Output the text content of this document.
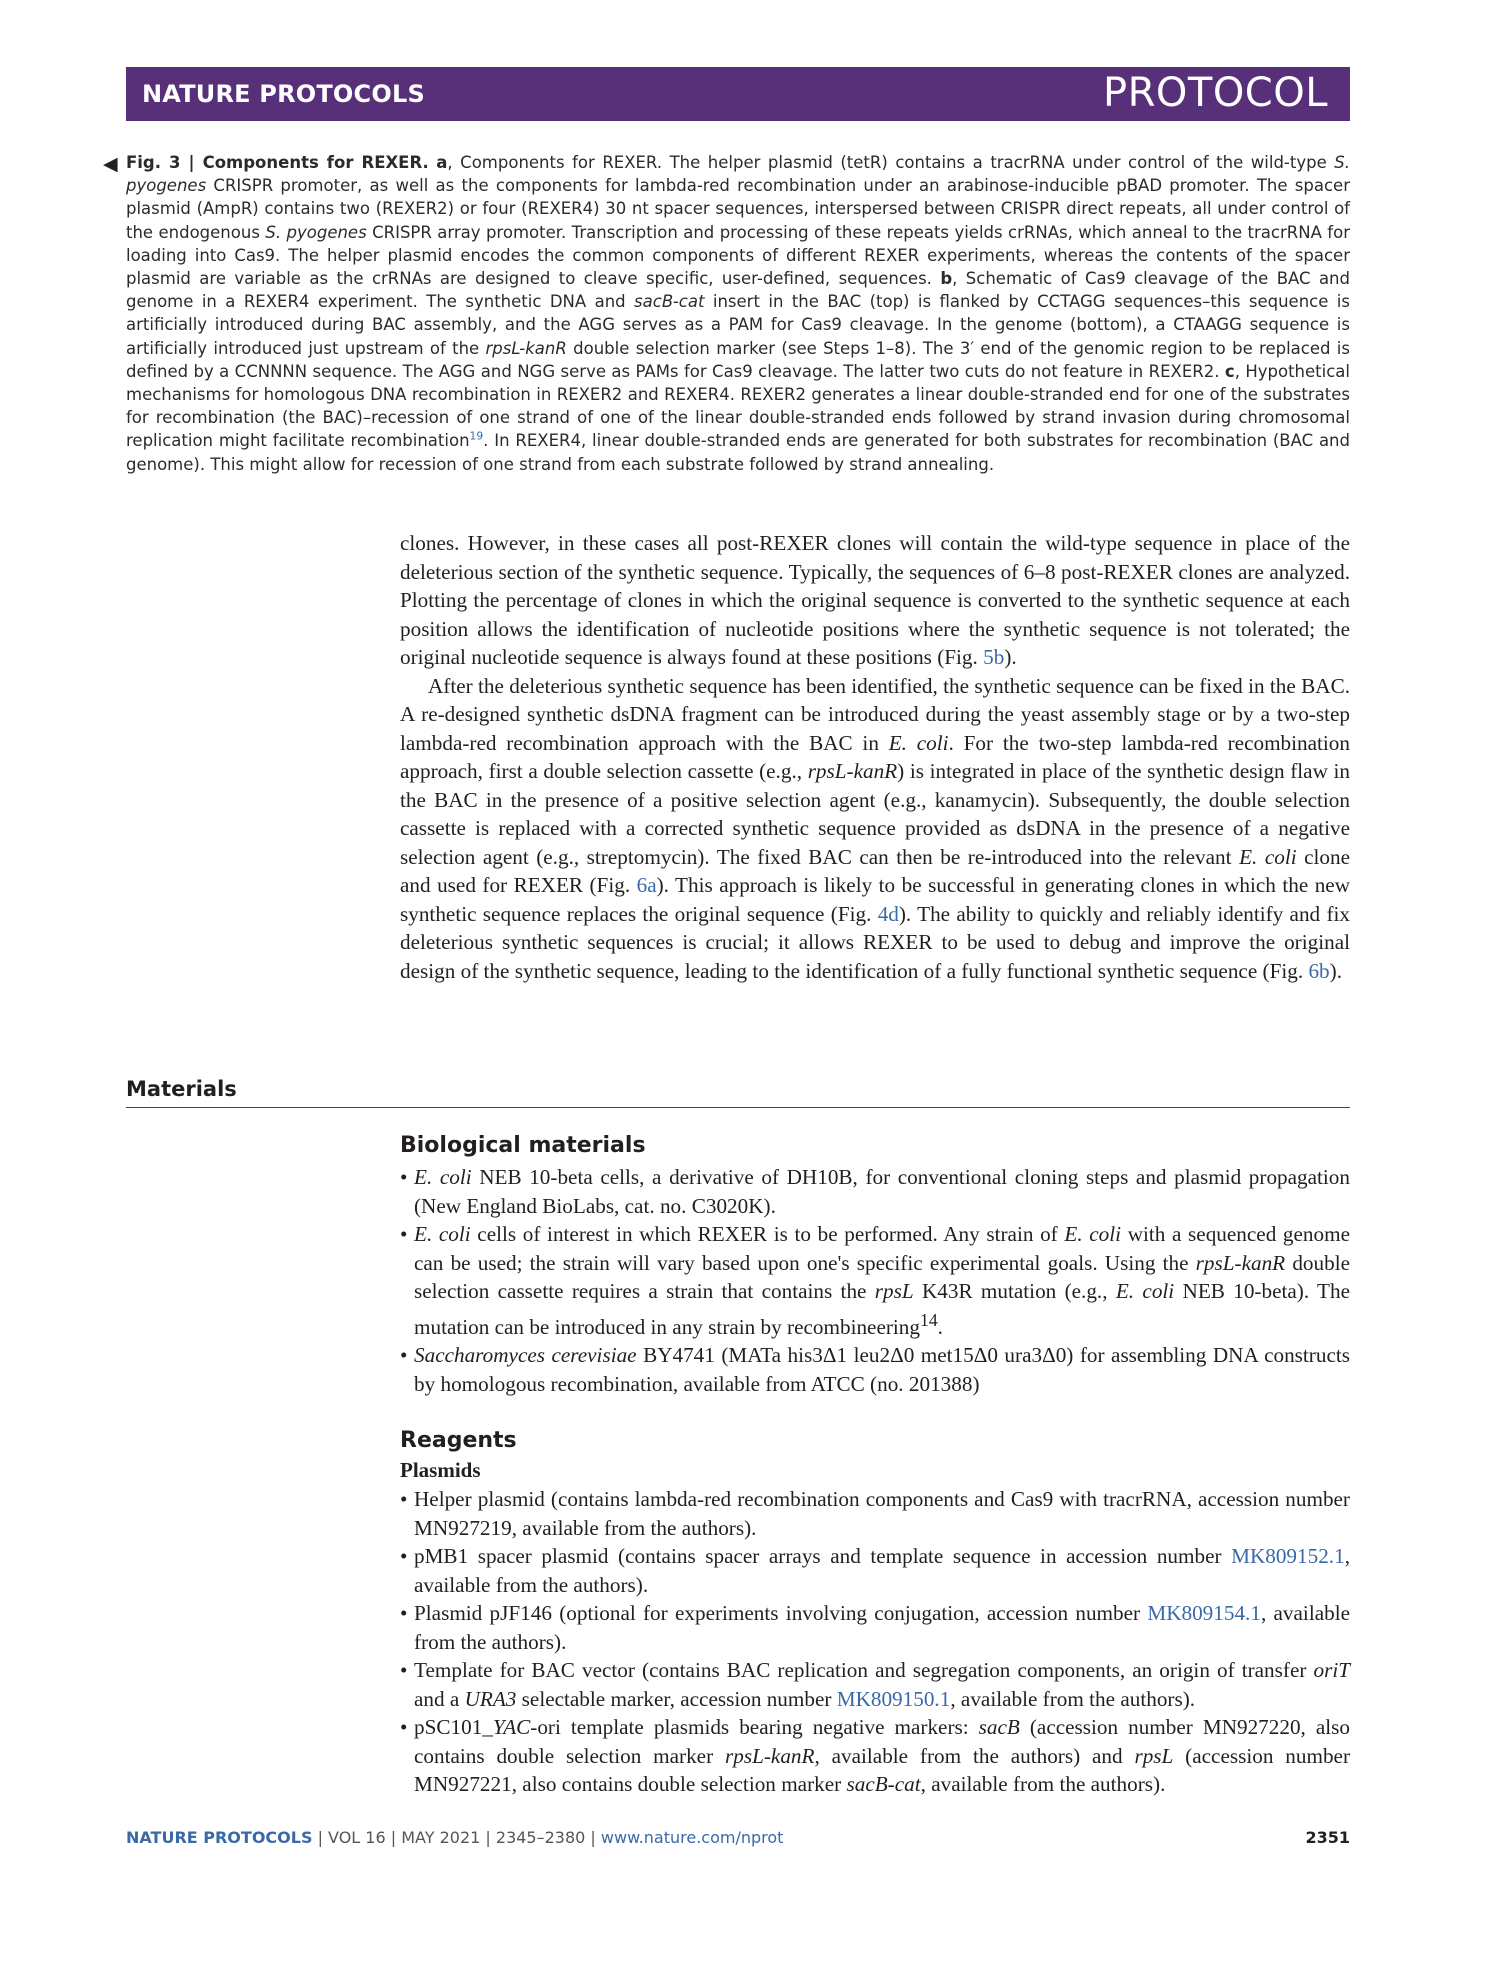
NATURE PROTOCOLS	PROTOCOL
◀ Fig. 3 | Components for REXER. a, Components for REXER. The helper plasmid (tetR) contains a tracrRNA under control of the wild-type S. pyogenes CRISPR promoter, as well as the components for lambda-red recombination under an arabinose-inducible pBAD promoter. The spacer plasmid (AmpR) contains two (REXER2) or four (REXER4) 30 nt spacer sequences, interspersed between CRISPR direct repeats, all under control of the endogenous S. pyogenes CRISPR array promoter. Transcription and processing of these repeats yields crRNAs, which anneal to the tracrRNA for loading into Cas9. The helper plasmid encodes the common components of different REXER experiments, whereas the contents of the spacer plasmid are variable as the crRNAs are designed to cleave specific, user-defined, sequences. b, Schematic of Cas9 cleavage of the BAC and genome in a REXER4 experiment. The synthetic DNA and sacB-cat insert in the BAC (top) is flanked by CCTAGG sequences–this sequence is artificially introduced during BAC assembly, and the AGG serves as a PAM for Cas9 cleavage. In the genome (bottom), a CTAAGG sequence is artificially introduced just upstream of the rpsL-kanR double selection marker (see Steps 1–8). The 3′ end of the genomic region to be replaced is defined by a CCNNNN sequence. The AGG and NGG serve as PAMs for Cas9 cleavage. The latter two cuts do not feature in REXER2. c, Hypothetical mechanisms for homologous DNA recombination in REXER2 and REXER4. REXER2 generates a linear double-stranded end for one of the substrates for recombination (the BAC)–recession of one strand of one of the linear double-stranded ends followed by strand invasion during chromosomal replication might facilitate recombination$^{19}$. In REXER4, linear double-stranded ends are generated for both substrates for recombination (BAC and genome). This might allow for recession of one strand from each substrate followed by strand annealing.

clones. However, in these cases all post-REXER clones will contain the wild-type sequence in place of the deleterious section of the synthetic sequence. Typically, the sequences of 6–8 post-REXER clones are analyzed. Plotting the percentage of clones in which the original sequence is converted to the synthetic sequence at each position allows the identification of nucleotide positions where the synthetic sequence is not tolerated; the original nucleotide sequence is always found at these positions (Fig. 5b).

After the deleterious synthetic sequence has been identified, the synthetic sequence can be fixed in the BAC. A re-designed synthetic dsDNA fragment can be introduced during the yeast assembly stage or by a two-step lambda-red recombination approach with the BAC in E. coli. For the two-step lambda-red recombination approach, first a double selection cassette (e.g., rpsL-kanR) is integrated in place of the synthetic design flaw in the BAC in the presence of a positive selection agent (e.g., kanamycin). Subsequently, the double selection cassette is replaced with a corrected synthetic sequence provided as dsDNA in the presence of a negative selection agent (e.g., streptomycin). The fixed BAC can then be re-introduced into the relevant E. coli clone and used for REXER (Fig. 6a). This approach is likely to be successful in generating clones in which the new synthetic sequence replaces the original sequence (Fig. 4d). The ability to quickly and reliably identify and fix deleterious synthetic sequences is crucial; it allows REXER to be used to debug and improve the original design of the synthetic sequence, leading to the identification of a fully functional synthetic sequence (Fig. 6b).

Materials
Biological materials
• E. coli NEB 10-beta cells, a derivative of DH10B, for conventional cloning steps and plasmid propagation (New England BioLabs, cat. no. C3020K).
• E. coli cells of interest in which REXER is to be performed. Any strain of E. coli with a sequenced genome can be used; the strain will vary based upon one's specific experimental goals. Using the rpsL-kanR double selection cassette requires a strain that contains the rpsL K43R mutation (e.g., E. coli NEB 10-beta). The mutation can be introduced in any strain by recombineering$^{14}$.
• Saccharomyces cerevisiae BY4741 (MATa his3Δ1 leu2Δ0 met15Δ0 ura3Δ0) for assembling DNA constructs by homologous recombination, available from ATCC (no. 201388)
Reagents
Plasmids
• Helper plasmid (contains lambda-red recombination components and Cas9 with tracrRNA, accession number MN927219, available from the authors).
• pMB1 spacer plasmid (contains spacer arrays and template sequence in accession number MK809152.1, available from the authors).
• Plasmid pJF146 (optional for experiments involving conjugation, accession number MK809154.1, available from the authors).
• Template for BAC vector (contains BAC replication and segregation components, an origin of transfer oriT and a URA3 selectable marker, accession number MK809150.1, available from the authors).
• pSC101_YAC-ori template plasmids bearing negative markers: sacB (accession number MN927220, also contains double selection marker rpsL-kanR, available from the authors) and rpsL (accession number MN927221, also contains double selection marker sacB-cat, available from the authors).
NATURE PROTOCOLS | VOL 16 | MAY 2021 | 2345–2380 | www.nature.com/nprot	2351
